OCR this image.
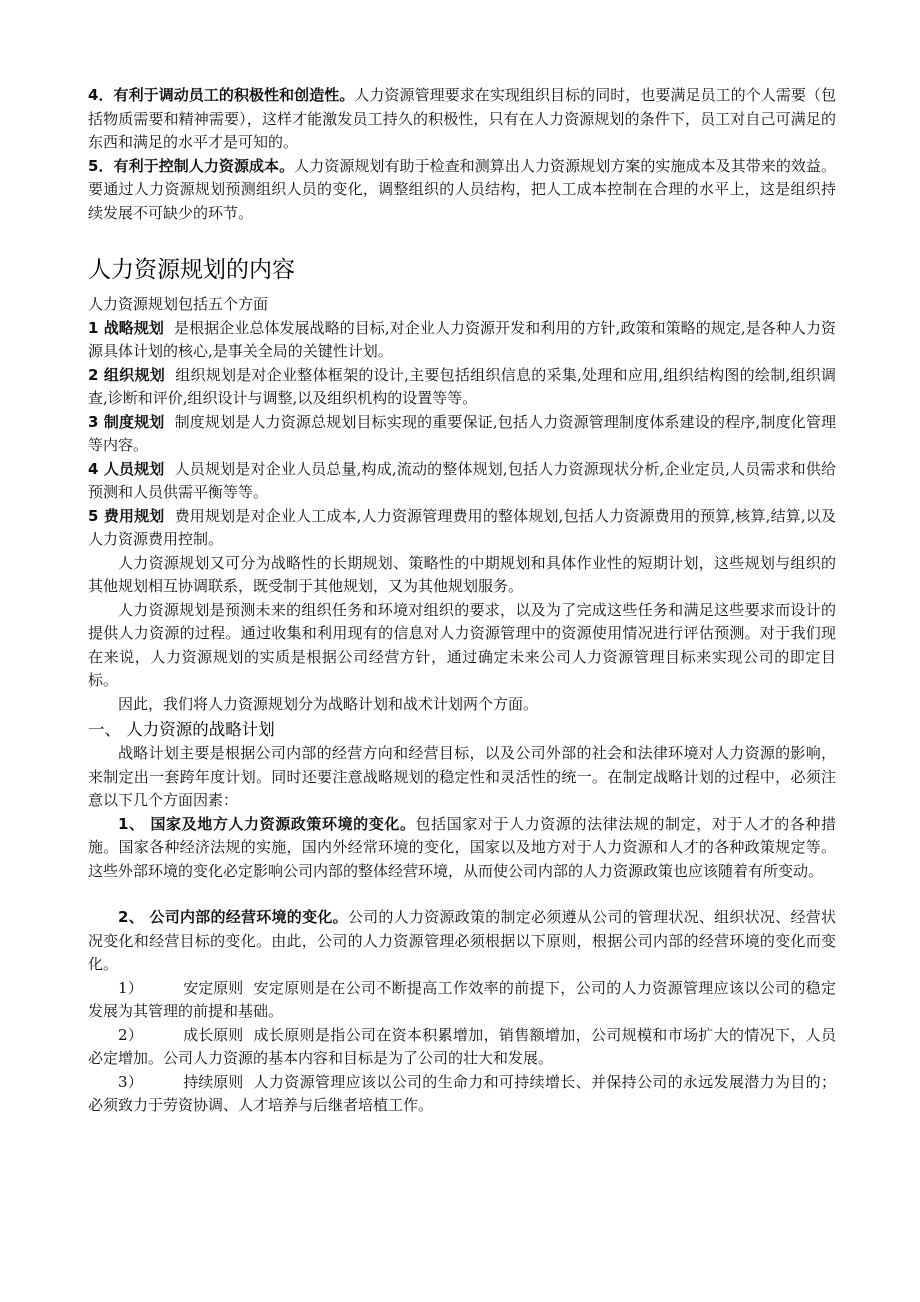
4．有利于调动员工的积极性和创造性。人力资源管理要求在实现组织目标的同时，也要满足员工的个人需要（包括物质需要和精神需要），这样才能激发员工持久的积极性，只有在人力资源规划的条件下，员工对自己可满足的东西和满足的水平才是可知的。

5．有利于控制人力资源成本。人力资源规划有助于检查和测算出人力资源规划方案的实施成本及其带来的效益。要通过人力资源规划预测组织人员的变化，调整组织的人员结构，把人工成本控制在合理的水平上，这是组织持续发展不可缺少的环节。

人力资源规划的内容

人力资源规划包括五个方面

1 战略规划 是根据企业总体发展战略的目标,对企业人力资源开发和利用的方针,政策和策略的规定,是各种人力资源具体计划的核心,是事关全局的关键性计划。

2 组织规划 组织规划是对企业整体框架的设计,主要包括组织信息的采集,处理和应用,组织结构图的绘制,组织调查,诊断和评价,组织设计与调整,以及组织机构的设置等等。

3 制度规划 制度规划是人力资源总规划目标实现的重要保证,包括人力资源管理制度体系建设的程序,制度化管理等内容。

4 人员规划 人员规划是对企业人员总量,构成,流动的整体规划,包括人力资源现状分析,企业定员,人员需求和供给预测和人员供需平衡等等。

5 费用规划 费用规划是对企业人工成本,人力资源管理费用的整体规划,包括人力资源费用的预算,核算,结算,以及人力资源费用控制。

人力资源规划又可分为战略性的长期规划、策略性的中期规划和具体作业性的短期计划，这些规划与组织的其他规划相互协调联系，既受制于其他规划，又为其他规划服务。

人力资源规划是预测未来的组织任务和环境对组织的要求，以及为了完成这些任务和满足这些要求而设计的提供人力资源的过程。通过收集和利用现有的信息对人力资源管理中的资源使用情况进行评估预测。对于我们现在来说，人力资源规划的实质是根据公司经营方针，通过确定未来公司人力资源管理目标来实现公司的即定目标。

因此，我们将人力资源规划分为战略计划和战术计划两个方面。

一、 人力资源的战略计划

战略计划主要是根据公司内部的经营方向和经营目标，以及公司外部的社会和法律环境对人力资源的影响，来制定出一套跨年度计划。同时还要注意战略规划的稳定性和灵活性的统一。在制定战略计划的过程中，必须注意以下几个方面因素：

1、 国家及地方人力资源政策环境的变化。包括国家对于人力资源的法律法规的制定，对于人才的各种措施。国家各种经济法规的实施，国内外经常环境的变化，国家以及地方对于人力资源和人才的各种政策规定等。这些外部环境的变化必定影响公司内部的整体经营环境，从而使公司内部的人力资源政策也应该随着有所变动。

2、 公司内部的经营环境的变化。公司的人力资源政策的制定必须遵从公司的管理状况、组织状况、经营状况变化和经营目标的变化。由此，公司的人力资源管理必须根据以下原则，根据公司内部的经营环境的变化而变化。

1）	安定原则 安定原则是在公司不断提高工作效率的前提下，公司的人力资源管理应该以公司的稳定发展为其管理的前提和基础。

2）	成长原则 成长原则是指公司在资本积累增加，销售额增加，公司规模和市场扩大的情况下，人员必定增加。公司人力资源的基本内容和目标是为了公司的壮大和发展。

3）	持续原则 人力资源管理应该以公司的生命力和可持续增长、并保持公司的永远发展潜力为目的；必须致力于劳资协调、人才培养与后继者培植工作。
